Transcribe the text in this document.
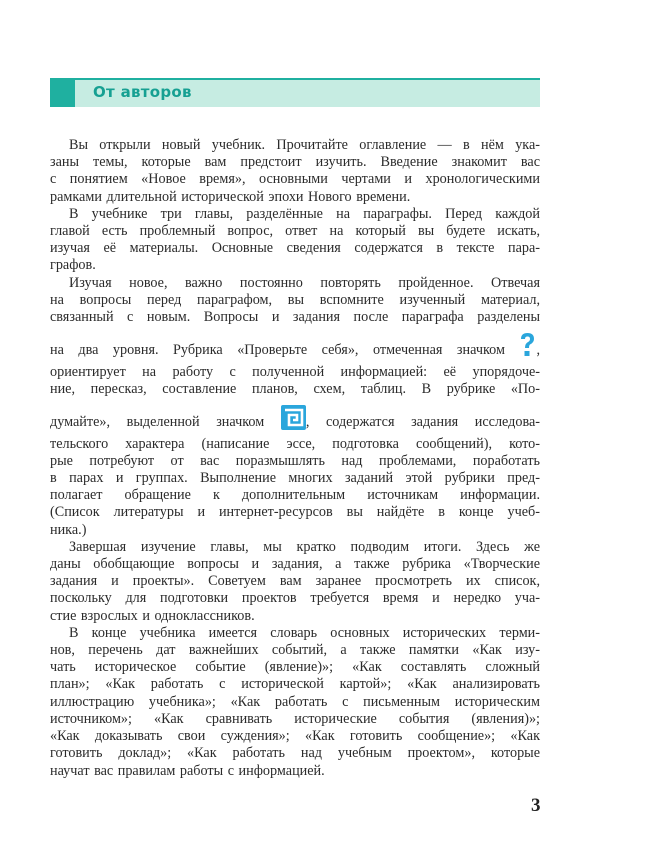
От авторов
Вы открыли новый учебник. Прочитайте оглавление — в нём ука-
заны темы, которые вам предстоит изучить. Введение знакомит вас
с понятием «Новое время», основными чертами и хронологическими
рамками длительной исторической эпохи Нового времени.
В учебнике три главы, разделённые на параграфы. Перед каждой
главой есть проблемный вопрос, ответ на который вы будете искать,
изучая её материалы. Основные сведения содержатся в тексте пара-
графов.
Изучая новое, важно постоянно повторять пройденное. Отвечая
на вопросы перед параграфом, вы вспомните изученный материал,
связанный с новым. Вопросы и задания после параграфа разделены
на два уровня. Рубрика «Проверьте себя», отмеченная значком ,
ориентирует на работу с полученной информацией: её упорядоче-
ние, пересказ, составление планов, схем, таблиц. В рубрике «По-
думайте», выделенной значком	, содержатся задания исследова-
тельского характера (написание эссе, подготовка сообщений), кото-
рые потребуют от вас поразмышлять над проблемами, поработать
в парах и группах. Выполнение многих заданий этой рубрики пред-
полагает обращение к дополнительным источникам информации.
(Список литературы и интернет-ресурсов вы найдёте в конце учеб-
ника.)
Завершая изучение главы, мы кратко подводим итоги. Здесь же
даны обобщающие вопросы и задания, а также рубрика «Творческие
задания и проекты». Советуем вам заранее просмотреть их список,
поскольку для подготовки проектов требуется время и нередко уча-
стие взрослых и одноклассников.
В конце учебника имеется словарь основных исторических терми-
нов, перечень дат важнейших событий, а также памятки «Как изу-
чать историческое событие (явление)»; «Как составлять сложный
план»; «Как работать с исторической картой»; «Как анализировать
иллюстрацию учебника»; «Как работать с письменным историческим
источником»; «Как сравнивать исторические события (явления)»;
«Как доказывать свои суждения»; «Как готовить сообщение»; «Как
готовить доклад»; «Как работать над учебным проектом», которые
научат вас правилам работы с информацией.
3
